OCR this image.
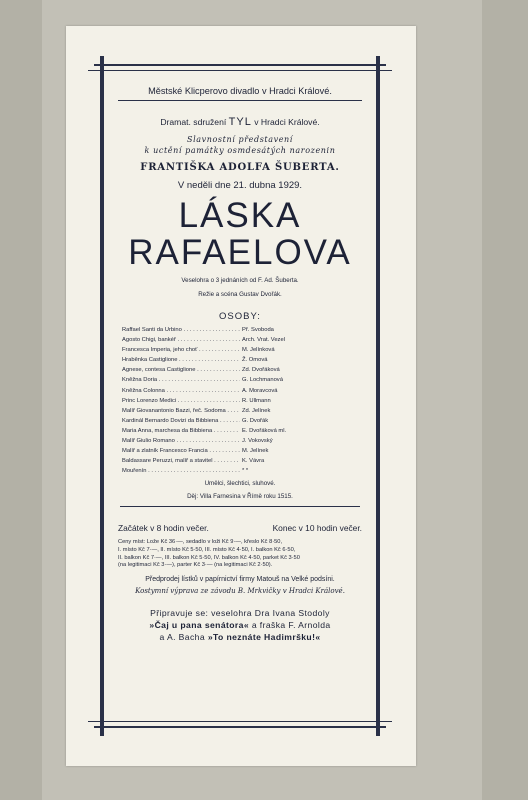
Městské Klicperovo divadlo v Hradci Králové.
Dramat. sdružení TYL v Hradci Králové.
Slavnostní představení
k uctění památky osmdesátých narozenin
FRANTIŠKA ADOLFA ŠUBERTA.
V neděli dne 21. dubna 1929.
LÁSKA
RAFAELOVA
Veselohra o 3 jednáních od F. Ad. Šuberta.
Režie a scéna Gustav Dvořák.
OSOBY:
Raffael Santi da Urbino . . .	Př. Svoboda
Agosto Chigi, bankéř . . .	Arch. Vrat. Vezel
Francesca Imperia, jeho choť . . .	M. Jelínková
Hraběnka Castiglione . . .	Ž. Omová
Agnese, contesa Castiglione . . .	Zd. Dvořáková
Kněžna Doria . . .	G. Lochmanová
Kněžna Colonna . . .	A. Moravcová
Princ Lorenzo Medici . . .	R. Ullmann
Malíř Giovanantonio Bazzi, řeč. Sodoma . . .	Zd. Jelínek
Kardinál Bernardo Dovizi da Bibbiena . . .	G. Dvořák
Maria Anna, marchesa da Bibbiena . . .	E. Dvořáková ml.
Malíř Giulio Romano . . .	J. Vokovský
Malíř a zlatník Francesco Francia . . .	M. Jelínek
Baldassare Peruzzi, malíř a stavitel . . .	K. Vávra
Mouřenín . . .	* *
Umělci, šlechtici, sluhové.
Děj: Villa Farnesina v Římě roku 1515.
Začátek v 8 hodin večer.	Konec v 10 hodin večer.
Ceny míst: Lože Kč 36·—, sedadlo v loži Kč 9·—, křeslo Kč 8·50,
I. místo Kč 7·—, II. místo Kč 5·50, III. místo Kč 4·50, I. balkon Kč 6·50,
II. balkon Kč 7·—, III. balkon Kč 5·50, IV. balkon Kč 4·50, parket Kč 3·50
(na legitimaci Kč 3·—), parter Kč 3·— (na legitimaci Kč 2·50).
Předprodej lístků v papírnictví firmy Matouš na Velké podsíni.
Kostymní výprava ze závodu B. Mrkvičky v Hradci Králové.
Připravuje se: veselohra Dra Ivana Stodoly
»Čaj u pana senátora« a fraška F. Arnolda
a A. Bacha »To neznáte Hadimršku!«
